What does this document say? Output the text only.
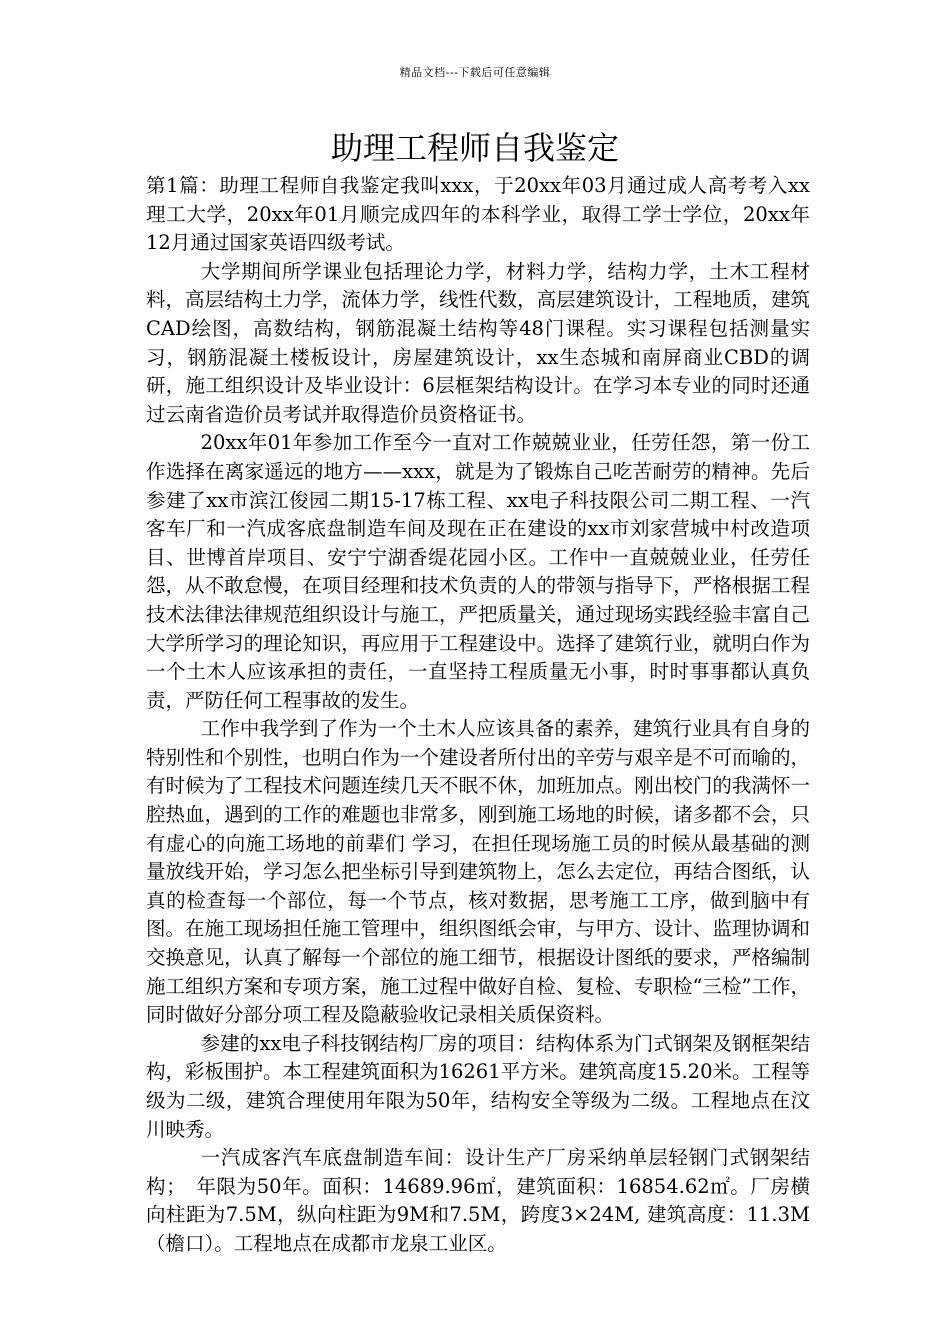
精品文档---下载后可任意编辑
助理工程师自我鉴定

第1篇：助理工程师自我鉴定我叫xxx，于20xx年03月通过成人高考考入xx理工大学，20xx年01月顺完成四年的本科学业，取得工学士学位，20xx年12月通过国家英语四级考试。

大学期间所学课业包括理论力学，材料力学，结构力学，土木工程材料，高层结构土力学，流体力学，线性代数，高层建筑设计，工程地质，建筑CAD绘图，高数结构，钢筋混凝土结构等48门课程。实习课程包括测量实习，钢筋混凝土楼板设计，房屋建筑设计，xx生态城和南屏商业CBD的调研，施工组织设计及毕业设计：6层框架结构设计。在学习本专业的同时还通过云南省造价员考试并取得造价员资格证书。

20xx年01年参加工作至今一直对工作兢兢业业，任劳任怨，第一份工作选择在离家遥远的地方——xxx，就是为了锻炼自己吃苦耐劳的精神。先后参建了xx市滨江俊园二期15-17栋工程、xx电子科技限公司二期工程、一汽客车厂和一汽成客底盘制造车间及现在正在建设的xx市刘家营城中村改造项目、世博首岸项目、安宁宁湖香缇花园小区。工作中一直兢兢业业，任劳任怨，从不敢怠慢，在项目经理和技术负责的人的带领与指导下，严格根据工程技术法律法律规范组织设计与施工，严把质量关，通过现场实践经验丰富自己大学所学习的理论知识，再应用于工程建设中。选择了建筑行业，就明白作为一个土木人应该承担的责任，一直坚持工程质量无小事，时时事事都认真负责，严防任何工程事故的发生。

工作中我学到了作为一个土木人应该具备的素养，建筑行业具有自身的特别性和个别性，也明白作为一个建设者所付出的辛劳与艰辛是不可而喻的，有时候为了工程技术问题连续几天不眠不休，加班加点。刚出校门的我满怀一腔热血，遇到的工作的难题也非常多，刚到施工场地的时候，诸多都不会，只有虚心的向施工场地的前辈们 学习，在担任现场施工员的时候从最基础的测量放线开始，学习怎么把坐标引导到建筑物上，怎么去定位，再结合图纸，认真的检查每一个部位，每一个节点，核对数据，思考施工工序，做到脑中有图。在施工现场担任施工管理中，组织图纸会审，与甲方、设计、监理协调和交换意见，认真了解每一个部位的施工细节，根据设计图纸的要求，严格编制施工组织方案和专项方案，施工过程中做好自检、复检、专职检“三检”工作，同时做好分部分项工程及隐蔽验收记录相关质保资料。

参建的xx电子科技钢结构厂房的项目：结构体系为门式钢架及钢框架结构，彩板围护。本工程建筑面积为16261平方米。建筑高度15.20米。工程等级为二级，建筑合理使用年限为50年，结构安全等级为二级。工程地点在汶川映秀。

一汽成客汽车底盘制造车间：设计生产厂房采纳单层轻钢门式钢架结构；　年限为50年。面积：14689.96㎡，建筑面积：16854.62㎡。厂房横向柱距为7.5M，纵向柱距为9M和7.5M，跨度3×24M, 建筑高度：11.3M（檐口）。工程地点在成都市龙泉工业区。
